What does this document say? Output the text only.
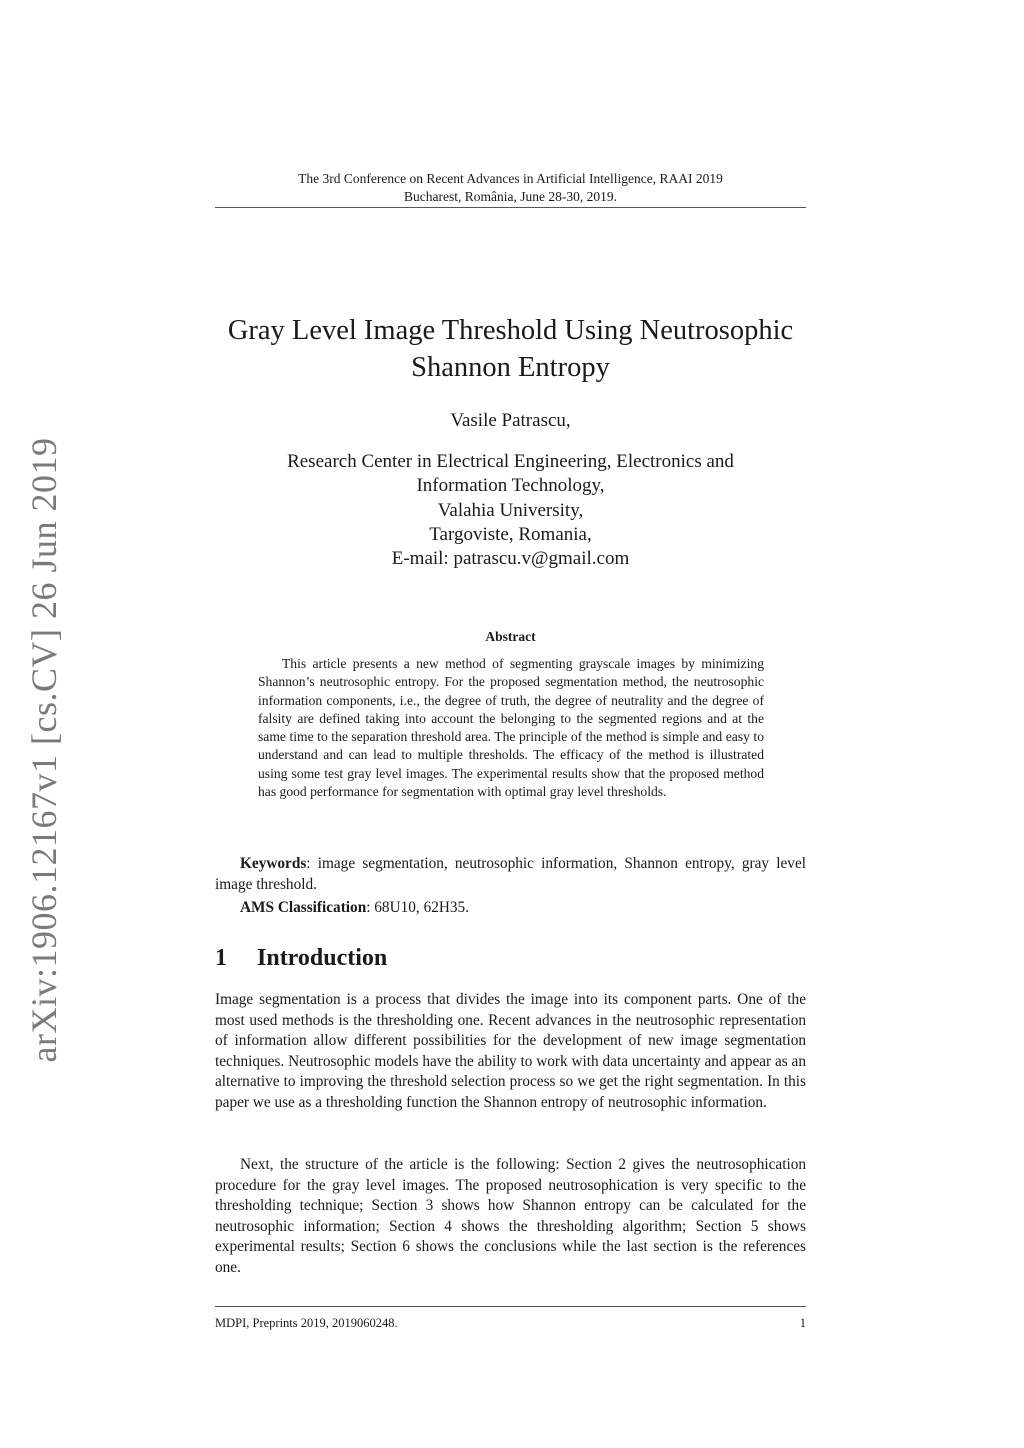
arXiv:1906.12167v1 [cs.CV] 26 Jun 2019
The 3rd Conference on Recent Advances in Artificial Intelligence, RAAI 2019
Bucharest, România, June 28-30, 2019.
Gray Level Image Threshold Using Neutrosophic
Shannon Entropy
Vasile Patrascu,
Research Center in Electrical Engineering, Electronics and
Information Technology,
Valahia University,
Targoviste, Romania,
E-mail: patrascu.v@gmail.com
Abstract
This article presents a new method of segmenting grayscale images by minimizing Shannon’s neutrosophic entropy. For the proposed segmentation method, the neutrosophic information components, i.e., the degree of truth, the degree of neutrality and the degree of falsity are defined taking into account the belonging to the segmented regions and at the same time to the separation threshold area. The principle of the method is simple and easy to understand and can lead to multiple thresholds. The efficacy of the method is illustrated using some test gray level images. The experimental results show that the proposed method has good performance for segmentation with optimal gray level thresholds.
Keywords: image segmentation, neutrosophic information, Shannon entropy, gray level image threshold.
AMS Classification: 68U10, 62H35.
1 Introduction
Image segmentation is a process that divides the image into its component parts. One of the most used methods is the thresholding one. Recent advances in the neutrosophic representation of information allow different possibilities for the development of new image segmentation techniques. Neutrosophic models have the ability to work with data uncertainty and appear as an alternative to improving the threshold selection process so we get the right segmentation. In this paper we use as a thresholding function the Shannon entropy of neutrosophic information.
Next, the structure of the article is the following: Section 2 gives the neutrosophication procedure for the gray level images. The proposed neutrosophication is very specific to the thresholding technique; Section 3 shows how Shannon entropy can be calculated for the neutrosophic information; Section 4 shows the thresholding algorithm; Section 5 shows experimental results; Section 6 shows the conclusions while the last section is the references one.
MDPI, Preprints 2019, 2019060248.	1
